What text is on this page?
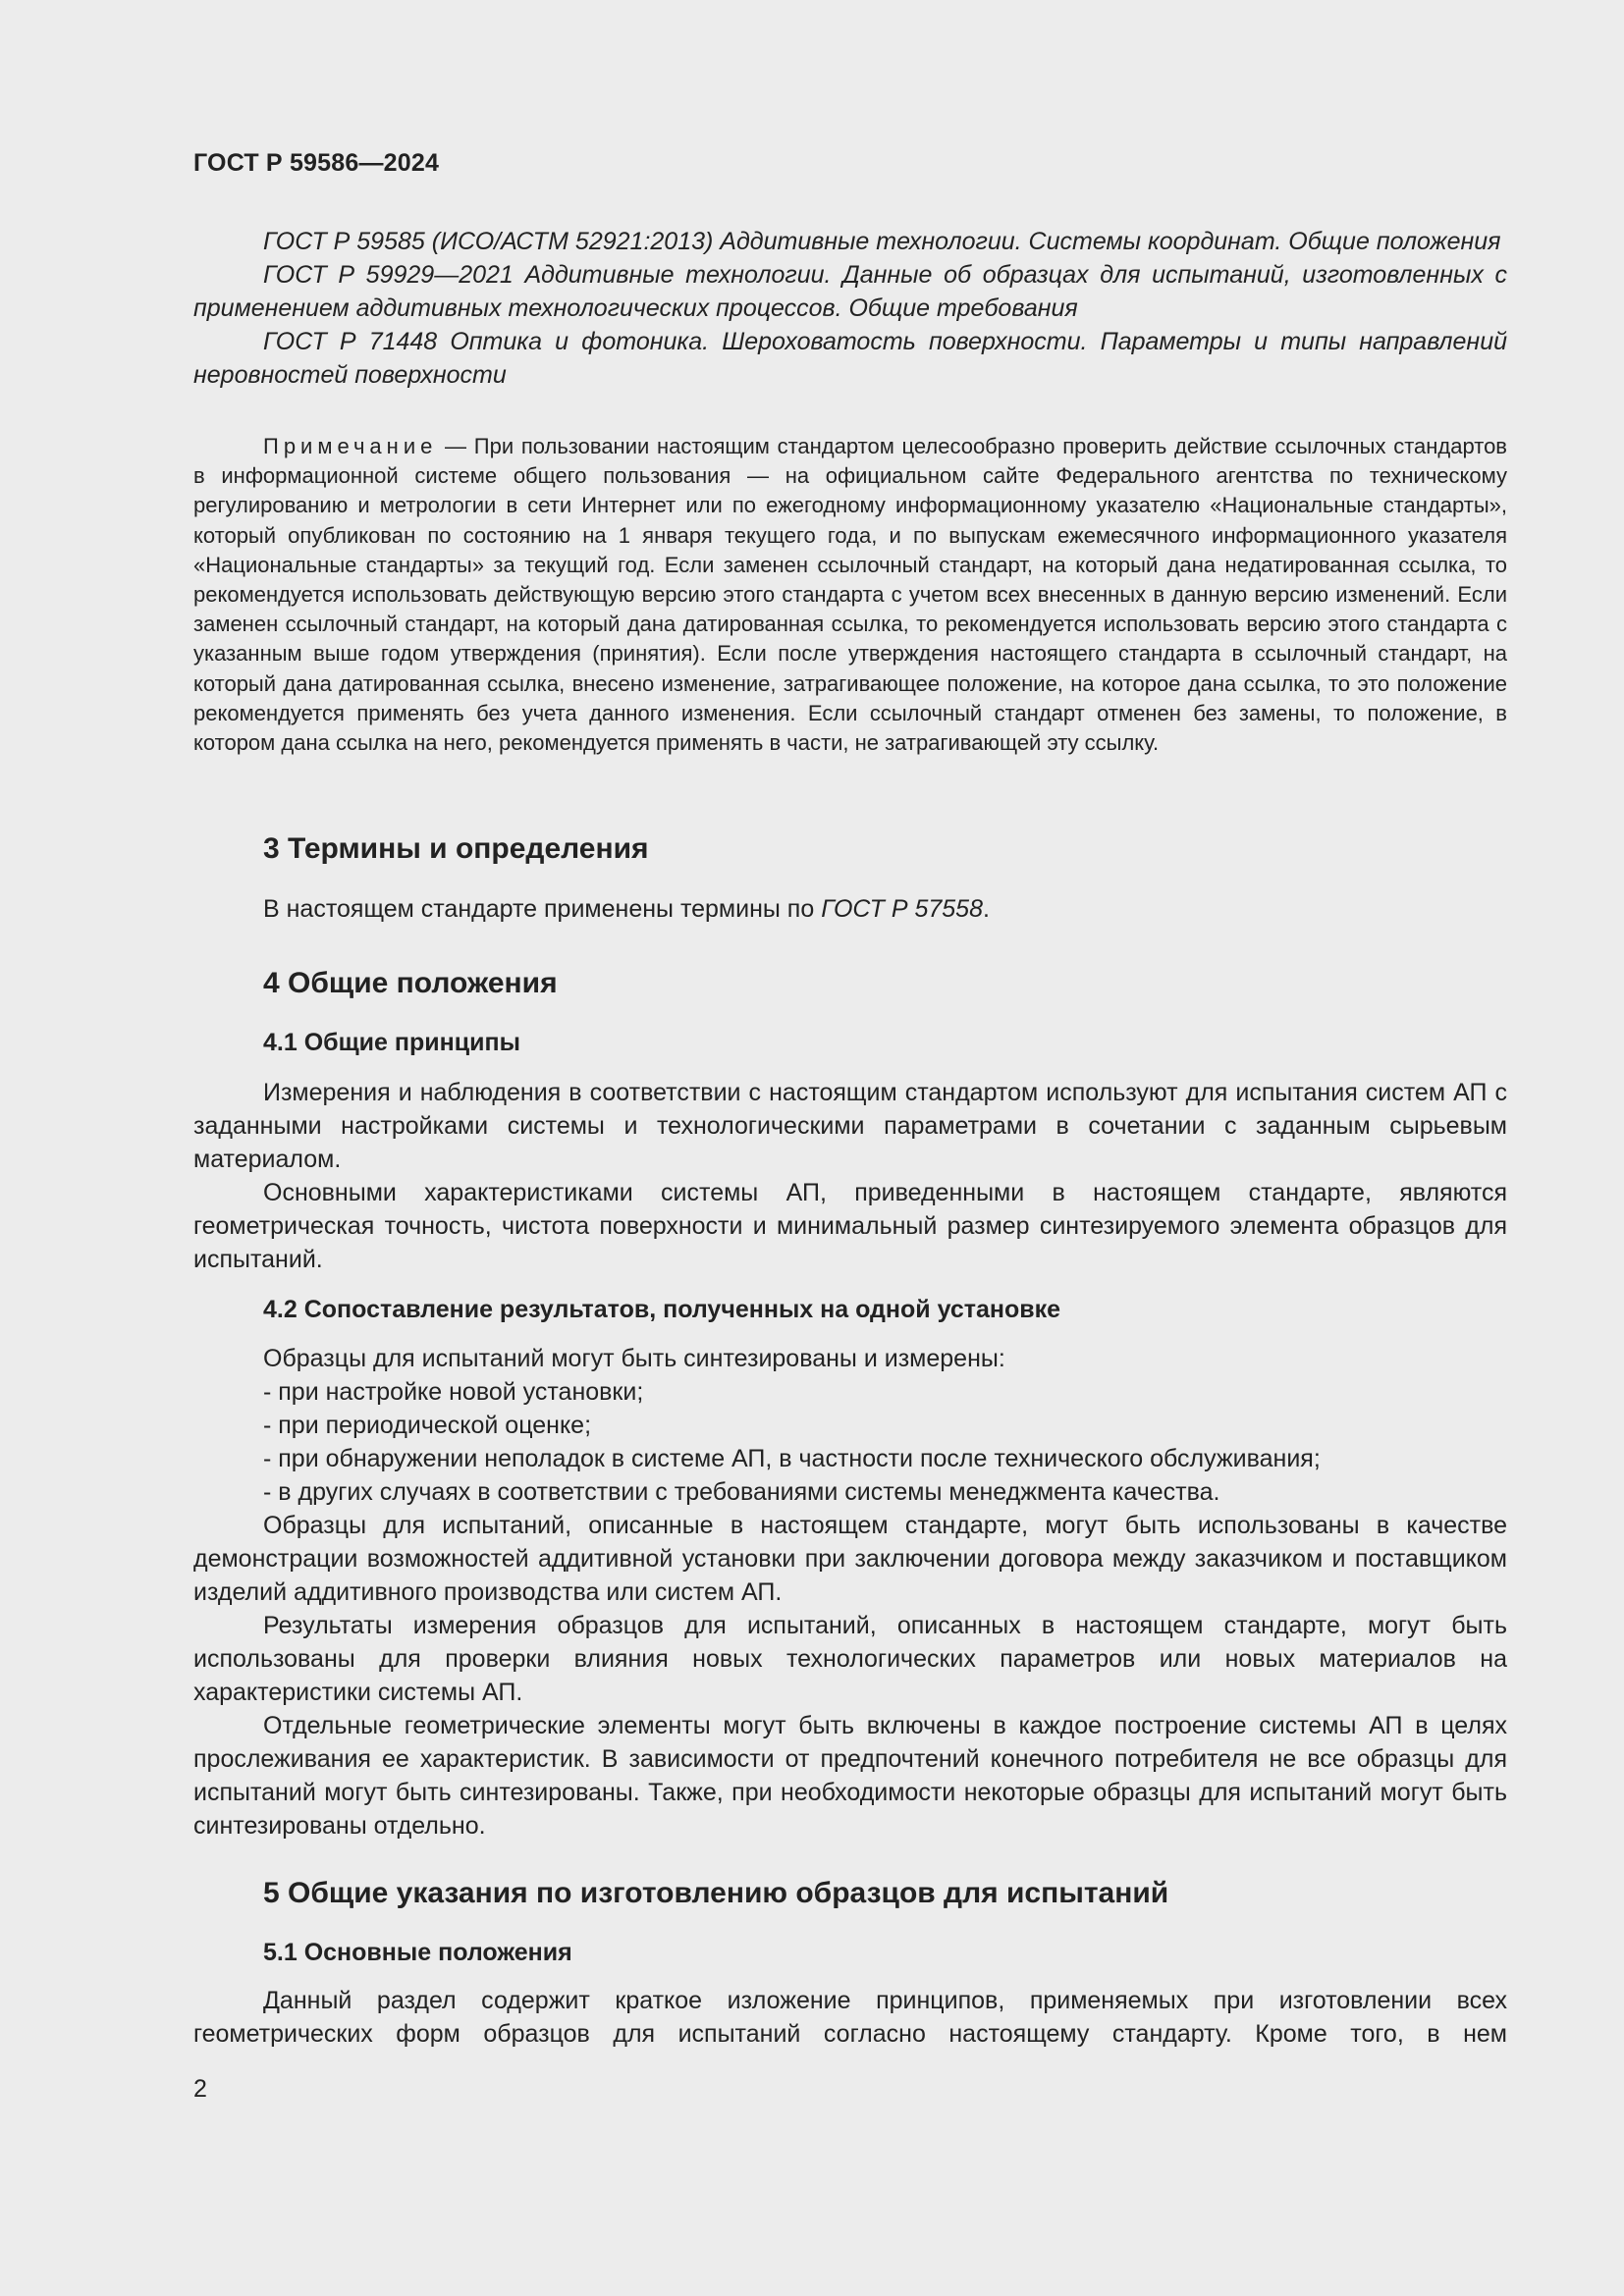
ГОСТ Р 59586—2024

ГОСТ Р 59585 (ИСО/АСТМ 52921:2013) Аддитивные технологии. Системы координат. Общие положения

ГОСТ Р 59929—2021 Аддитивные технологии. Данные об образцах для испытаний, изготовленных с применением аддитивных технологических процессов. Общие требования

ГОСТ Р 71448 Оптика и фотоника. Шероховатость поверхности. Параметры и типы направлений неровностей поверхности

Примечание — При пользовании настоящим стандартом целесообразно проверить действие ссылочных стандартов в информационной системе общего пользования — на официальном сайте Федерального агентства по техническому регулированию и метрологии в сети Интернет или по ежегодному информационному указателю «Национальные стандарты», который опубликован по состоянию на 1 января текущего года, и по выпускам ежемесячного информационного указателя «Национальные стандарты» за текущий год. Если заменен ссылочный стандарт, на который дана недатированная ссылка, то рекомендуется использовать действующую версию этого стандарта с учетом всех внесенных в данную версию изменений. Если заменен ссылочный стандарт, на который дана датированная ссылка, то рекомендуется использовать версию этого стандарта с указанным выше годом утверждения (принятия). Если после утверждения настоящего стандарта в ссылочный стандарт, на который дана датированная ссылка, внесено изменение, затрагивающее положение, на которое дана ссылка, то это положение рекомендуется применять без учета данного изменения. Если ссылочный стандарт отменен без замены, то положение, в котором дана ссылка на него, рекомендуется применять в части, не затрагивающей эту ссылку.

3 Термины и определения

В настоящем стандарте применены термины по ГОСТ Р 57558.

4 Общие положения
4.1 Общие принципы

Измерения и наблюдения в соответствии с настоящим стандартом используют для испытания систем АП с заданными настройками системы и технологическими параметрами в сочетании с заданным сырьевым материалом.

Основными характеристиками системы АП, приведенными в настоящем стандарте, являются геометрическая точность, чистота поверхности и минимальный размер синтезируемого элемента образцов для испытаний.

4.2 Сопоставление результатов, полученных на одной установке

Образцы для испытаний могут быть синтезированы и измерены:

- при настройке новой установки;

- при периодической оценке;

- при обнаружении неполадок в системе АП, в частности после технического обслуживания;

- в других случаях в соответствии с требованиями системы менеджмента качества.

Образцы для испытаний, описанные в настоящем стандарте, могут быть использованы в качестве демонстрации возможностей аддитивной установки при заключении договора между заказчиком и поставщиком изделий аддитивного производства или систем АП.

Результаты измерения образцов для испытаний, описанных в настоящем стандарте, могут быть использованы для проверки влияния новых технологических параметров или новых материалов на характеристики системы АП.

Отдельные геометрические элементы могут быть включены в каждое построение системы АП в целях прослеживания ее характеристик. В зависимости от предпочтений конечного потребителя не все образцы для испытаний могут быть синтезированы. Также, при необходимости некоторые образцы для испытаний могут быть синтезированы отдельно.

5 Общие указания по изготовлению образцов для испытаний
5.1 Основные положения

Данный раздел содержит краткое изложение принципов, применяемых при изготовлении всех геометрических форм образцов для испытаний согласно настоящему стандарту. Кроме того, в нем

2
